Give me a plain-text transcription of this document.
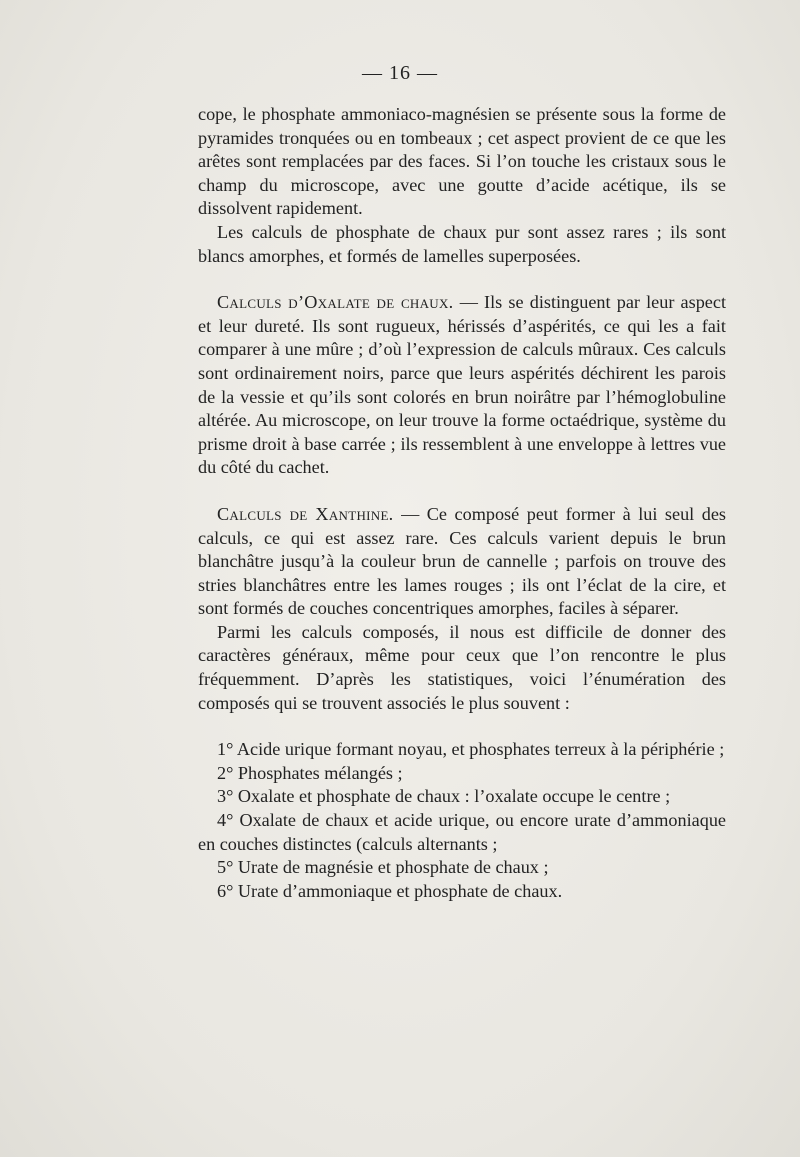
— 16 —

cope, le phosphate ammoniaco-magnésien se présente sous la forme de pyramides tronquées ou en tombeaux ; cet aspect provient de ce que les arêtes sont remplacées par des faces. Si l’on touche les cristaux sous le champ du microscope, avec une goutte d’acide acétique, ils se dissolvent rapidement.

Les calculs de phosphate de chaux pur sont assez rares ; ils sont blancs amorphes, et formés de lamelles superposées.

Calculs d’Oxalate de chaux. — Ils se distinguent par leur aspect et leur dureté. Ils sont rugueux, hérissés d’aspérités, ce qui les a fait comparer à une mûre ; d’où l’expression de calculs mûraux. Ces calculs sont ordinairement noirs, parce que leurs aspérités déchirent les parois de la vessie et qu’ils sont colorés en brun noirâtre par l’hémoglobuline altérée. Au microscope, on leur trouve la forme octaédrique, système du prisme droit à base carrée ; ils ressemblent à une enveloppe à lettres vue du côté du cachet.

Calculs de Xanthine. — Ce composé peut former à lui seul des calculs, ce qui est assez rare. Ces calculs varient depuis le brun blanchâtre jusqu’à la couleur brun de cannelle ; parfois on trouve des stries blanchâtres entre les lames rouges ; ils ont l’éclat de la cire, et sont formés de couches concentriques amorphes, faciles à séparer.

Parmi les calculs composés, il nous est difficile de donner des caractères généraux, même pour ceux que l’on rencontre le plus fréquemment. D’après les statistiques, voici l’énumération des composés qui se trouvent associés le plus souvent :

1° Acide urique formant noyau, et phosphates terreux à la périphérie ;

2° Phosphates mélangés ;

3° Oxalate et phosphate de chaux : l’oxalate occupe le centre ;

4° Oxalate de chaux et acide urique, ou encore urate d’ammoniaque en couches distinctes (calculs alternants ;

5° Urate de magnésie et phosphate de chaux ;

6° Urate d’ammoniaque et phosphate de chaux.
